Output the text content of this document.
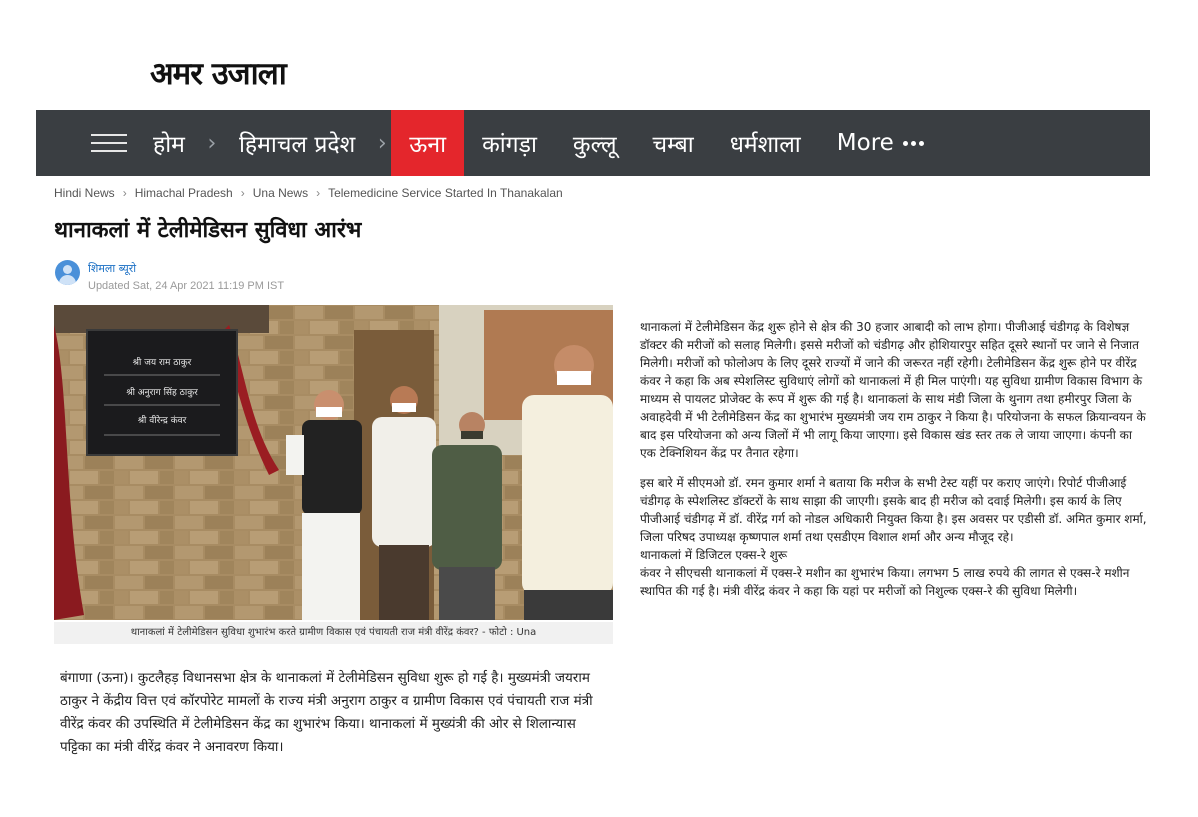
अमर उजाला
होम	› हिमाचल प्रदेश	› ऊना	कांगड़ा	कुल्लू	चम्बा	धर्मशाला	More
Hindi News › Himachal Pradesh › Una News › Telemedicine Service Started In Thanakalan
थानाकलां में टेलीमेडिसन सुविधा आरंभ
शिमला ब्यूरो
Updated Sat, 24 Apr 2021 11:19 PM IST
श्री जय राम ठाकुर
श्री अनुराग सिंह ठाकुर
श्री वीरेन्द्र कंवर
थानाकलां में टेलीमेडिसन सुविधा शुभारंभ करते ग्रामीण विकास एवं पंचायती राज मंत्री वीरेंद्र कंवर? - फोटो : Una

बंगाणा (ऊना)। कुटलैहड़ विधानसभा क्षेत्र के थानाकलां में टेलीमेडिसन सुविधा शुरू हो गई है। मुख्यमंत्री जयराम ठाकुर ने केंद्रीय वित्त एवं कॉरपोरेट मामलों के राज्य मंत्री अनुराग ठाकुर व ग्रामीण विकास एवं पंचायती राज मंत्री वीरेंद्र कंवर की उपस्थिति में टेलीमेडिसन केंद्र का शुभारंभ किया। थानाकलां में मुख्यंत्री की ओर से शिलान्यास पट्टिका का मंत्री वीरेंद्र कंवर ने अनावरण किया।

थानाकलां में टेलीमेडिसन केंद्र शुरू होने से क्षेत्र की 30 हजार आबादी को लाभ होगा। पीजीआई चंडीगढ़ के विशेषज्ञ डॉक्टर की मरीजों को सलाह मिलेगी। इससे मरीजों को चंडीगढ़ और होशियारपुर सहित दूसरे स्थानों पर जाने से निजात मिलेगी। मरीजों को फोलोअप के लिए दूसरे राज्यों में जाने की जरूरत नहीं रहेगी। टेलीमेडिसन केंद्र शुरू होने पर वीरेंद्र कंवर ने कहा कि अब स्पेशलिस्ट सुविधाएं लोगों को थानाकलां में ही मिल पाएंगी। यह सुविधा ग्रामीण विकास विभाग के माध्यम से पायलट प्रोजेक्ट के रूप में शुरू की गई है। थानाकलां के साथ मंडी जिला के थुनाग तथा हमीरपुर जिला के अवाहदेवी में भी टेलीमेडिसन केंद्र का शुभारंभ मुख्यमंत्री जय राम ठाकुर ने किया है। परियोजना के सफल क्रियान्वयन के बाद इस परियोजना को अन्य जिलों में भी लागू किया जाएगा। इसे विकास खंड स्तर तक ले जाया जाएगा। कंपनी का एक टेक्निशियन केंद्र पर तैनात रहेगा।

इस बारे में सीएमओ डॉ. रमन कुमार शर्मा ने बताया कि मरीज के सभी टेस्ट यहीं पर कराए जाएंगे। रिपोर्ट पीजीआई चंडीगढ़ के स्पेशलिस्ट डॉक्टरों के साथ साझा की जाएगी। इसके बाद ही मरीज को दवाई मिलेगी। इस कार्य के लिए पीजीआई चंडीगढ़ में डॉ. वीरेंद्र गर्ग को नोडल अधिकारी नियुक्त किया है। इस अवसर पर एडीसी डॉ. अमित कुमार शर्मा, जिला परिषद उपाध्यक्ष कृष्णपाल शर्मा तथा एसडीएम विशाल शर्मा और अन्य मौजूद रहे।

थानाकलां में डिजिटल एक्स-रे शुरू

कंवर ने सीएचसी थानाकलां में एक्स-रे मशीन का शुभारंभ किया। लगभग 5 लाख रुपये की लागत से एक्स-रे मशीन स्थापित की गई है। मंत्री वीरेंद्र कंवर ने कहा कि यहां पर मरीजों को निशुल्क एक्स-रे की सुविधा मिलेगी।
